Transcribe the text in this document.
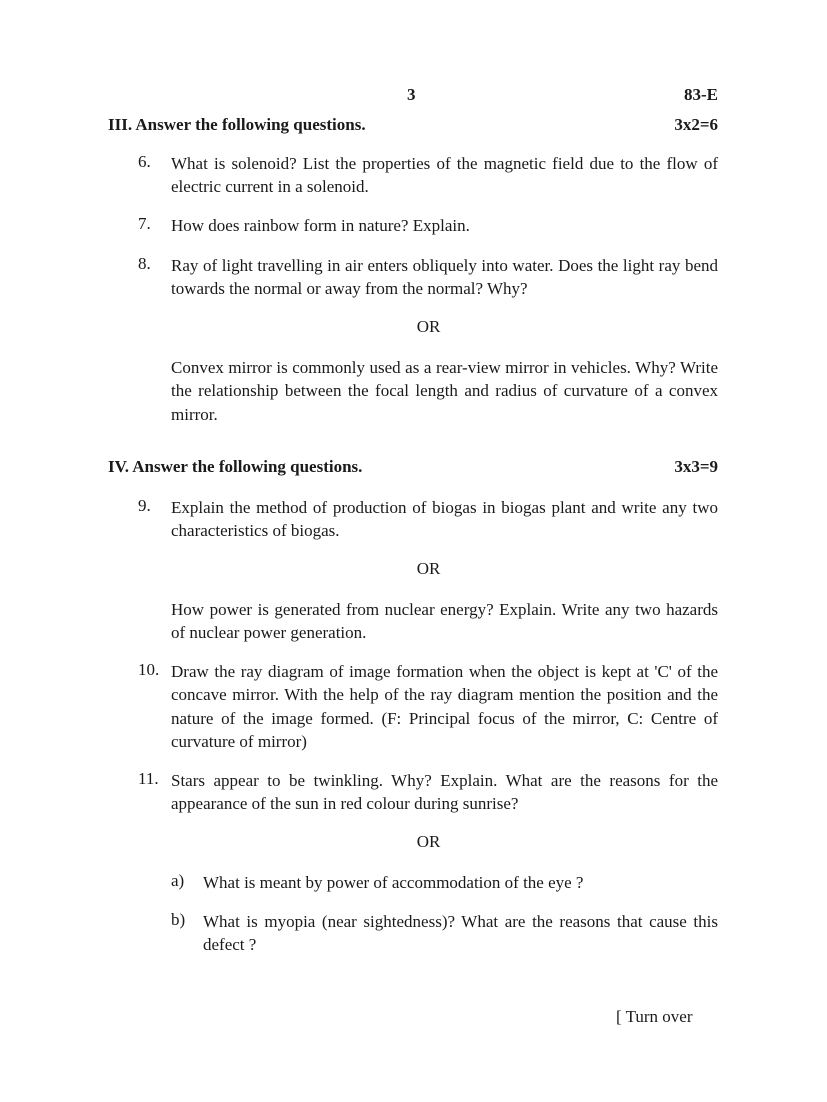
3	83-E
III. Answer the following questions.	3x2=6
6. What is solenoid? List the properties of the magnetic field due to the flow of electric current in a solenoid.
7. How does rainbow form in nature? Explain.
8. Ray of light travelling in air enters obliquely into water. Does the light ray bend towards the normal or away from the normal? Why?
OR
Convex mirror is commonly used as a rear-view mirror in vehicles. Why? Write the relationship between the focal length and radius of curvature of a convex mirror.
IV. Answer the following questions.	3x3=9
9. Explain the method of production of biogas in biogas plant and write any two characteristics of biogas.
OR
How power is generated from nuclear energy? Explain. Write any two hazards of nuclear power generation.
10. Draw the ray diagram of image formation when the object is kept at 'C' of the concave mirror. With the help of the ray diagram mention the position and the nature of the image formed. (F: Principal focus of the mirror, C: Centre of curvature of mirror)
11. Stars appear to be twinkling. Why? Explain. What are the reasons for the appearance of the sun in red colour during sunrise?
OR
a) What is meant by power of accommodation of the eye ?
b) What is myopia (near sightedness)? What are the reasons that cause this defect ?
[ Turn over
